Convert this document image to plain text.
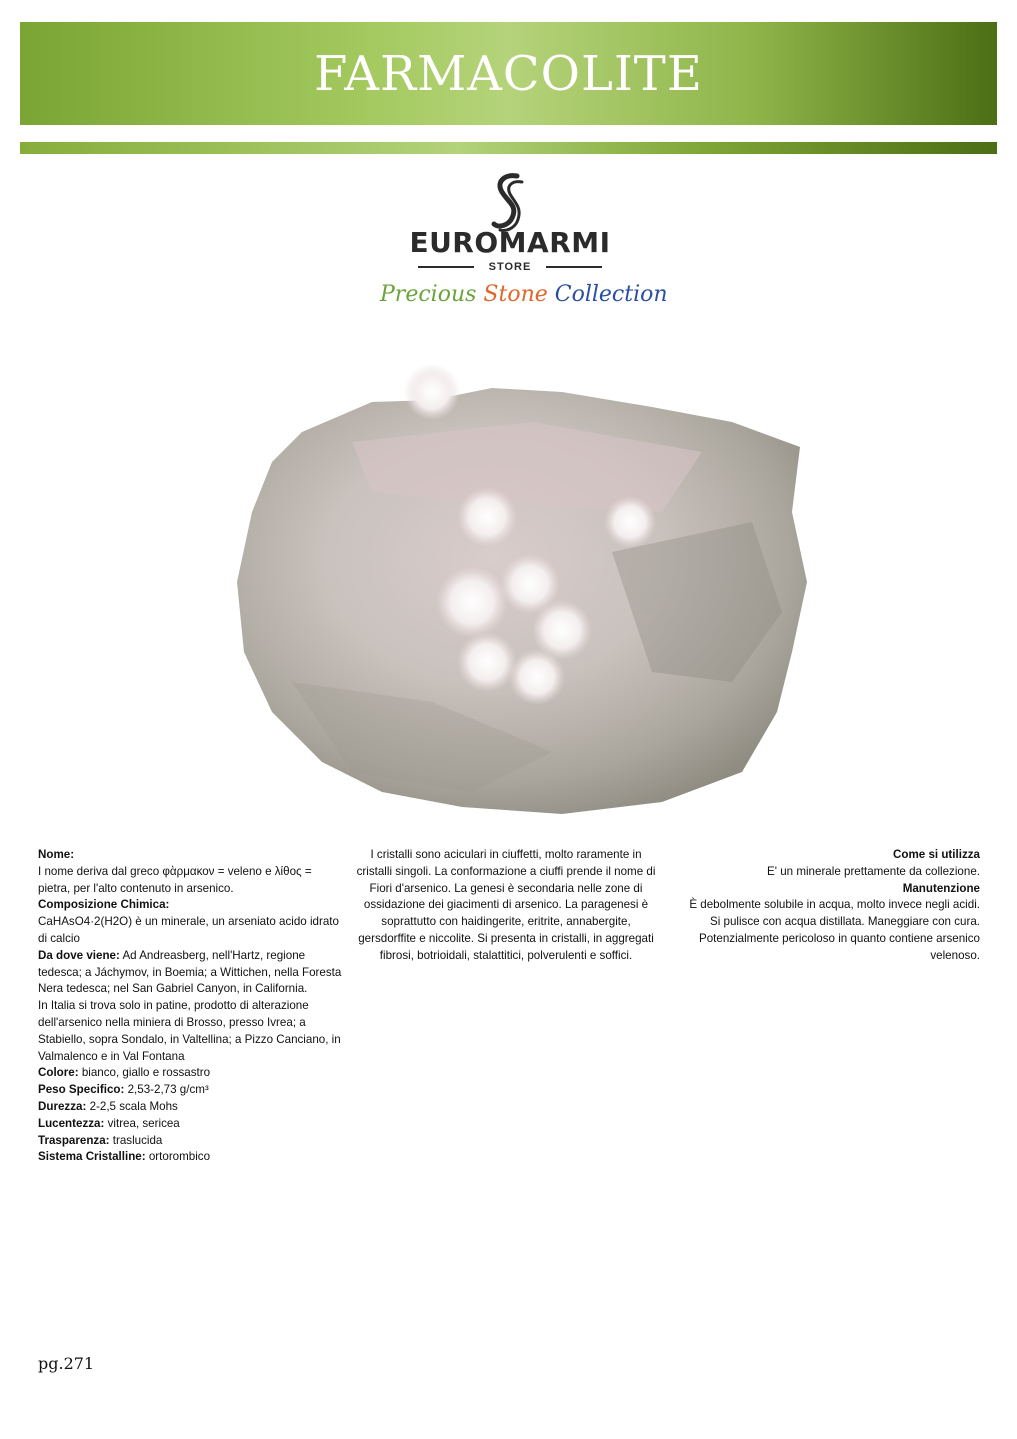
FARMACOLITE
EUROMARMI
STORE
Precious Stone Collection
Nome:
I nome deriva dal greco φὰρμακον = veleno e λίθος = pietra, per l'alto contenuto in arsenico.
Composizione Chimica:
CaHAsO4·2(H2O) è un minerale, un arseniato acido idrato di calcio
Da dove viene: Ad Andreasberg, nell'Hartz, regione tedesca; a Jáchymov, in Boemia; a Wittichen, nella Foresta Nera tedesca; nel San Gabriel Canyon, in California.
In Italia si trova solo in patine, prodotto di alterazione dell'arsenico nella miniera di Brosso, presso Ivrea; a Stabiello, sopra Sondalo, in Valtellina; a Pizzo Canciano, in Valmalenco e in Val Fontana
Colore: bianco, giallo e rossastro
Peso Specifico: 2,53-2,73 g/cm³
Durezza: 2-2,5 scala Mohs
Lucentezza: vitrea, sericea
Trasparenza: traslucida
Sistema Cristalline: ortorombico
I cristalli sono aciculari in ciuffetti, molto raramente in cristalli singoli. La conformazione a ciuffi prende il nome di Fiori d'arsenico. La genesi è secondaria nelle zone di ossidazione dei giacimenti di arsenico. La paragenesi è soprattutto con haidingerite, eritrite, annabergite, gersdorffite e niccolite. Si presenta in cristalli, in aggregati fibrosi, botrioidali, stalattitici, polverulenti e soffici.
Come si utilizza
E' un minerale prettamente da collezione.
Manutenzione
È debolmente solubile in acqua, molto invece negli acidi. Si pulisce con acqua distillata. Maneggiare con cura. Potenzialmente pericoloso in quanto contiene arsenico velenoso.
pg.271
